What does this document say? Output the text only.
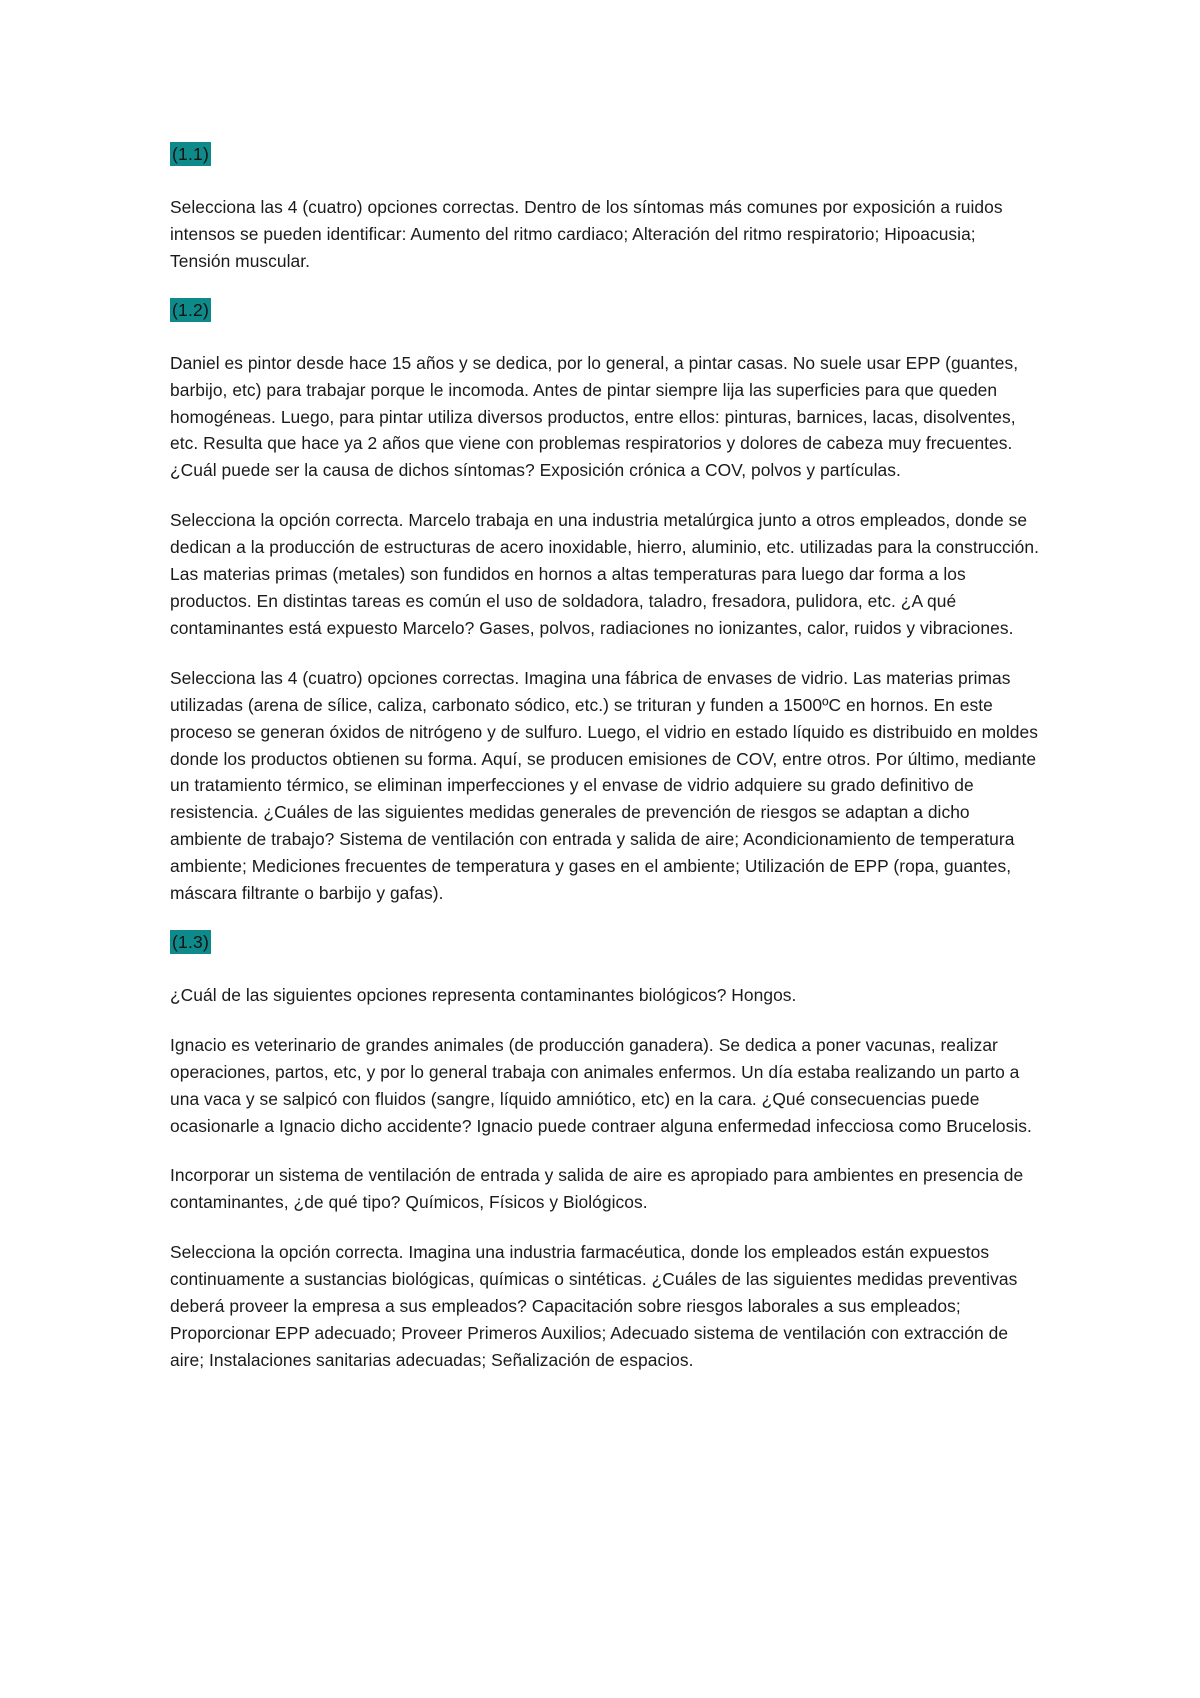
(1.1)

Selecciona las 4 (cuatro) opciones correctas. Dentro de los síntomas más comunes por exposición a ruidos intensos se pueden identificar: Aumento del ritmo cardiaco; Alteración del ritmo respiratorio; Hipoacusia; Tensión muscular.

(1.2)

Daniel es pintor desde hace 15 años y se dedica, por lo general, a pintar casas. No suele usar EPP (guantes, barbijo, etc) para trabajar porque le incomoda. Antes de pintar siempre lija las superficies para que queden homogéneas. Luego, para pintar utiliza diversos productos, entre ellos: pinturas, barnices, lacas, disolventes, etc. Resulta que hace ya 2 años que viene con problemas respiratorios y dolores de cabeza muy frecuentes. ¿Cuál puede ser la causa de dichos síntomas? Exposición crónica a COV, polvos y partículas.

Selecciona la opción correcta. Marcelo trabaja en una industria metalúrgica junto a otros empleados, donde se dedican a la producción de estructuras de acero inoxidable, hierro, aluminio, etc. utilizadas para la construcción. Las materias primas (metales) son fundidos en hornos a altas temperaturas para luego dar forma a los productos. En distintas tareas es común el uso de soldadora, taladro, fresadora, pulidora, etc. ¿A qué contaminantes está expuesto Marcelo? Gases, polvos, radiaciones no ionizantes, calor, ruidos y vibraciones.

Selecciona las 4 (cuatro) opciones correctas. Imagina una fábrica de envases de vidrio. Las materias primas utilizadas (arena de sílice, caliza, carbonato sódico, etc.) se trituran y funden a 1500ºC en hornos. En este proceso se generan óxidos de nitrógeno y de sulfuro. Luego, el vidrio en estado líquido es distribuido en moldes donde los productos obtienen su forma. Aquí, se producen emisiones de COV, entre otros. Por último, mediante un tratamiento térmico, se eliminan imperfecciones y el envase de vidrio adquiere su grado definitivo de resistencia. ¿Cuáles de las siguientes medidas generales de prevención de riesgos se adaptan a dicho ambiente de trabajo? Sistema de ventilación con entrada y salida de aire; Acondicionamiento de temperatura ambiente; Mediciones frecuentes de temperatura y gases en el ambiente; Utilización de EPP (ropa, guantes, máscara filtrante o barbijo y gafas).

(1.3)

¿Cuál de las siguientes opciones representa contaminantes biológicos? Hongos.

Ignacio es veterinario de grandes animales (de producción ganadera). Se dedica a poner vacunas, realizar operaciones, partos, etc, y por lo general trabaja con animales enfermos. Un día estaba realizando un parto a una vaca y se salpicó con fluidos (sangre, líquido amniótico, etc) en la cara. ¿Qué consecuencias puede ocasionarle a Ignacio dicho accidente? Ignacio puede contraer alguna enfermedad infecciosa como Brucelosis.

Incorporar un sistema de ventilación de entrada y salida de aire es apropiado para ambientes en presencia de contaminantes, ¿de qué tipo? Químicos, Físicos y Biológicos.

Selecciona la opción correcta. Imagina una industria farmacéutica, donde los empleados están expuestos continuamente a sustancias biológicas, químicas o sintéticas. ¿Cuáles de las siguientes medidas preventivas deberá proveer la empresa a sus empleados? Capacitación sobre riesgos laborales a sus empleados; Proporcionar EPP adecuado; Proveer Primeros Auxilios; Adecuado sistema de ventilación con extracción de aire; Instalaciones sanitarias adecuadas; Señalización de espacios.
